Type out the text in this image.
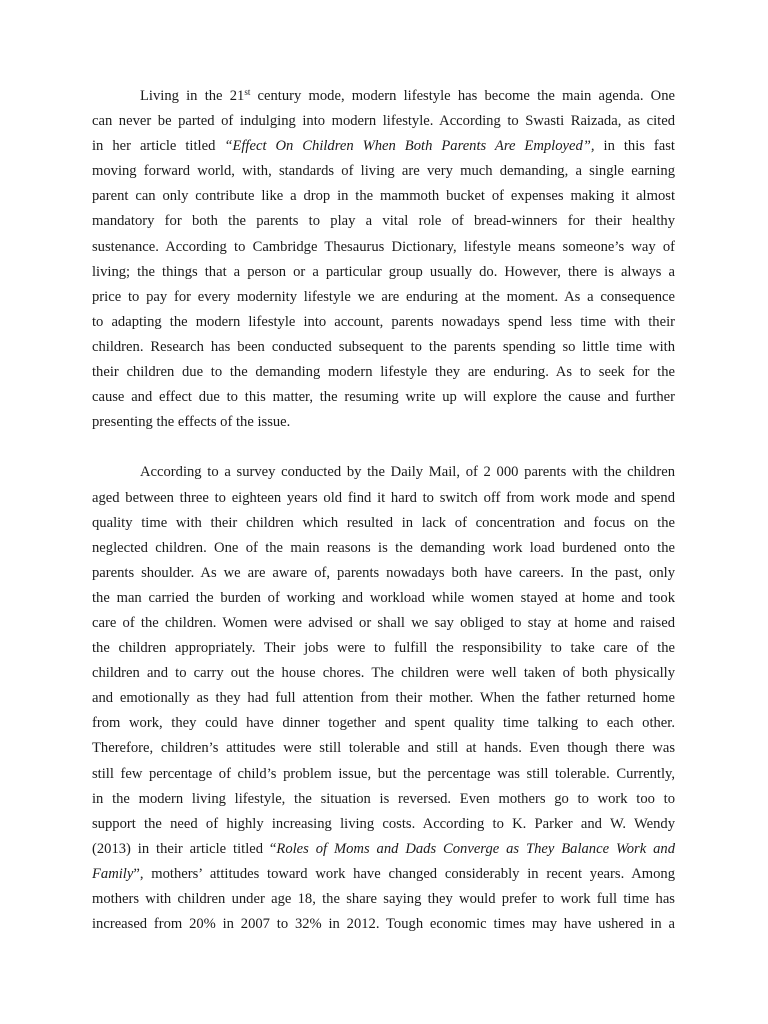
Living in the 21st century mode, modern lifestyle has become the main agenda. One
can never be parted of indulging into modern lifestyle. According to Swasti Raizada, as cited
in her article titled “Effect On Children When Both Parents Are Employed”, in this fast
moving forward world, with, standards of living are very much demanding, a single earning
parent can only contribute like a drop in the mammoth bucket of expenses making it almost
mandatory for both the parents to play a vital role of bread-winners for their healthy
sustenance. According to Cambridge Thesaurus Dictionary, lifestyle means someone’s way of
living; the things that a person or a particular group usually do. However, there is always a
price to pay for every modernity lifestyle we are enduring at the moment. As a consequence
to adapting the modern lifestyle into account, parents nowadays spend less time with their
children. Research has been conducted subsequent to the parents spending so little time with
their children due to the demanding modern lifestyle they are enduring. As to seek for the
cause and effect due to this matter, the resuming write up will explore the cause and further
presenting the effects of the issue.
According to a survey conducted by the Daily Mail, of 2 000 parents with the children
aged between three to eighteen years old find it hard to switch off from work mode and spend
quality time with their children which resulted in lack of concentration and focus on the
neglected children. One of the main reasons is the demanding work load burdened onto the
parents shoulder. As we are aware of, parents nowadays both have careers. In the past, only
the man carried the burden of working and workload while women stayed at home and took
care of the children. Women were advised or shall we say obliged to stay at home and raised
the children appropriately. Their jobs were to fulfill the responsibility to take care of the
children and to carry out the house chores. The children were well taken of both physically
and emotionally as they had full attention from their mother. When the father returned home
from work, they could have dinner together and spent quality time talking to each other.
Therefore, children’s attitudes were still tolerable and still at hands. Even though there was
still few percentage of child’s problem issue, but the percentage was still tolerable. Currently,
in the modern living lifestyle, the situation is reversed. Even mothers go to work too to
support the need of highly increasing living costs. According to K. Parker and W. Wendy
(2013) in their article titled “Roles of Moms and Dads Converge as They Balance Work and
Family”, mothers’ attitudes toward work have changed considerably in recent years. Among
mothers with children under age 18, the share saying they would prefer to work full time has
increased from 20% in 2007 to 32% in 2012. Tough economic times may have ushered in a
